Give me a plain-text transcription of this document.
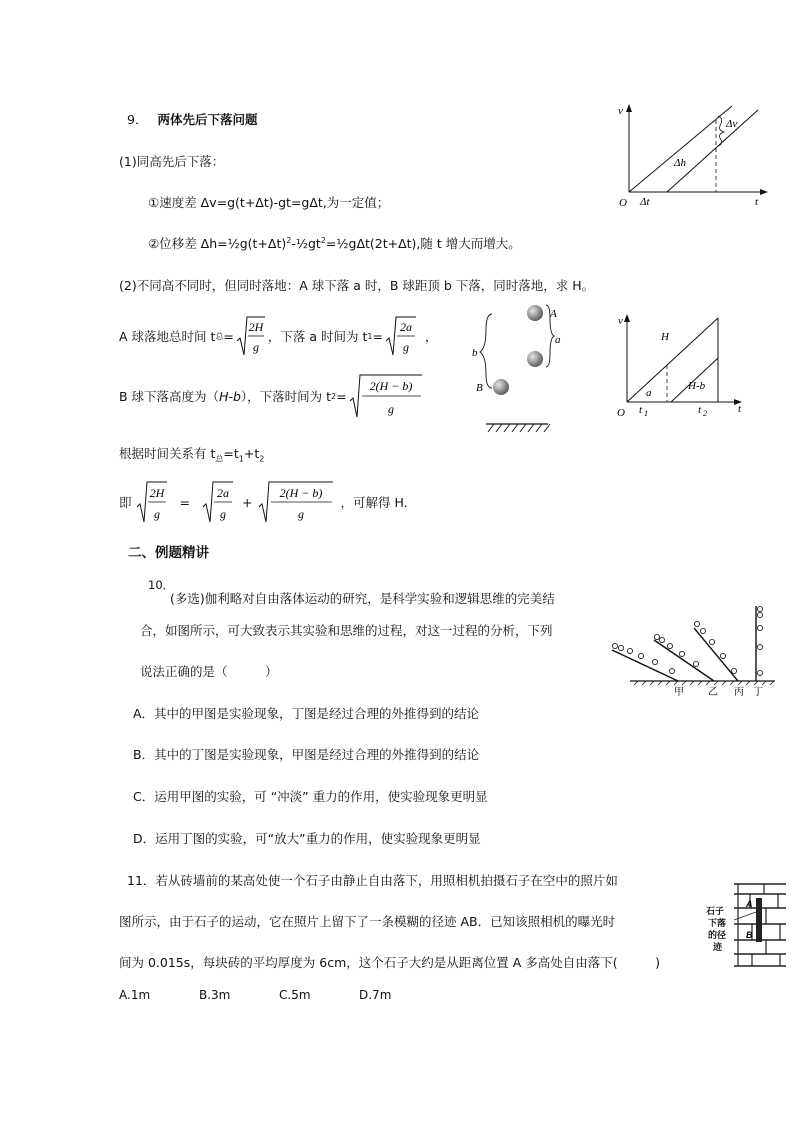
9． 两体先后下落问题
(1)同高先后下落：
①速度差 Δv=g(t+Δt)-gt=gΔt,为一定值；
②位移差 $\Delta h=\frac{1}{2}g(t+\Delta t)^2-\frac{1}{2}gt^2=\frac{1}{2}g\Delta t(2t+\Delta t)$,随 t 增大而增大。
(2)不同高不同时，但同时落地：A 球下落 a 时，B 球距顶 b 下落，同时落地，求 H。
A 球落地总时间 t 总 =
2H
g
，下落 a 时间为 t 1 =
2a
g
，
B 球下落高度为（ H-b ），下落时间为 t 2 =
2(H − b)
g
根据时间关系有 $t_总=t_1+t_2$
即
2H
g
=
2a
g
+
2(H − b)
g
，可解得 H.
v
Δv
Δh
O Δt	t
A
a
b
B
v
H
a
H-b
O t 1	t 2	t
二、例题精讲
10．
(多选)伽利略对自由落体运动的研究，是科学实验和逻辑思维的完美结
合，如图所示，可大致表示其实验和思维的过程，对这一过程的分析，下列
说法正确的是（　　　）
A．其中的甲图是实验现象，丁图是经过合理的外推得到的结论
B．其中的丁图是实验现象，甲图是经过合理的外推得到的结论
C．运用甲图的实验，可 “冲淡” 重力的作用，使实验现象更明显
D．运用丁图的实验，可“放大”重力的作用，使实验现象更明显
甲 乙 丙 丁
11．若从砖墙前的某高处使一个石子由静止自由落下，用照相机拍摄石子在空中的照片如
图所示，由于石子的运动，它在照片上留下了一条模糊的径迹 AB．已知该照相机的曝光时
间为 0.015s，每块砖的平均厚度为 6cm，这个石子大约是从距离位置 A 多高处自由落下(　　　)
A.1m	B.3m	C.5m	D.7m
A
B
石子
下落
的径
迹
